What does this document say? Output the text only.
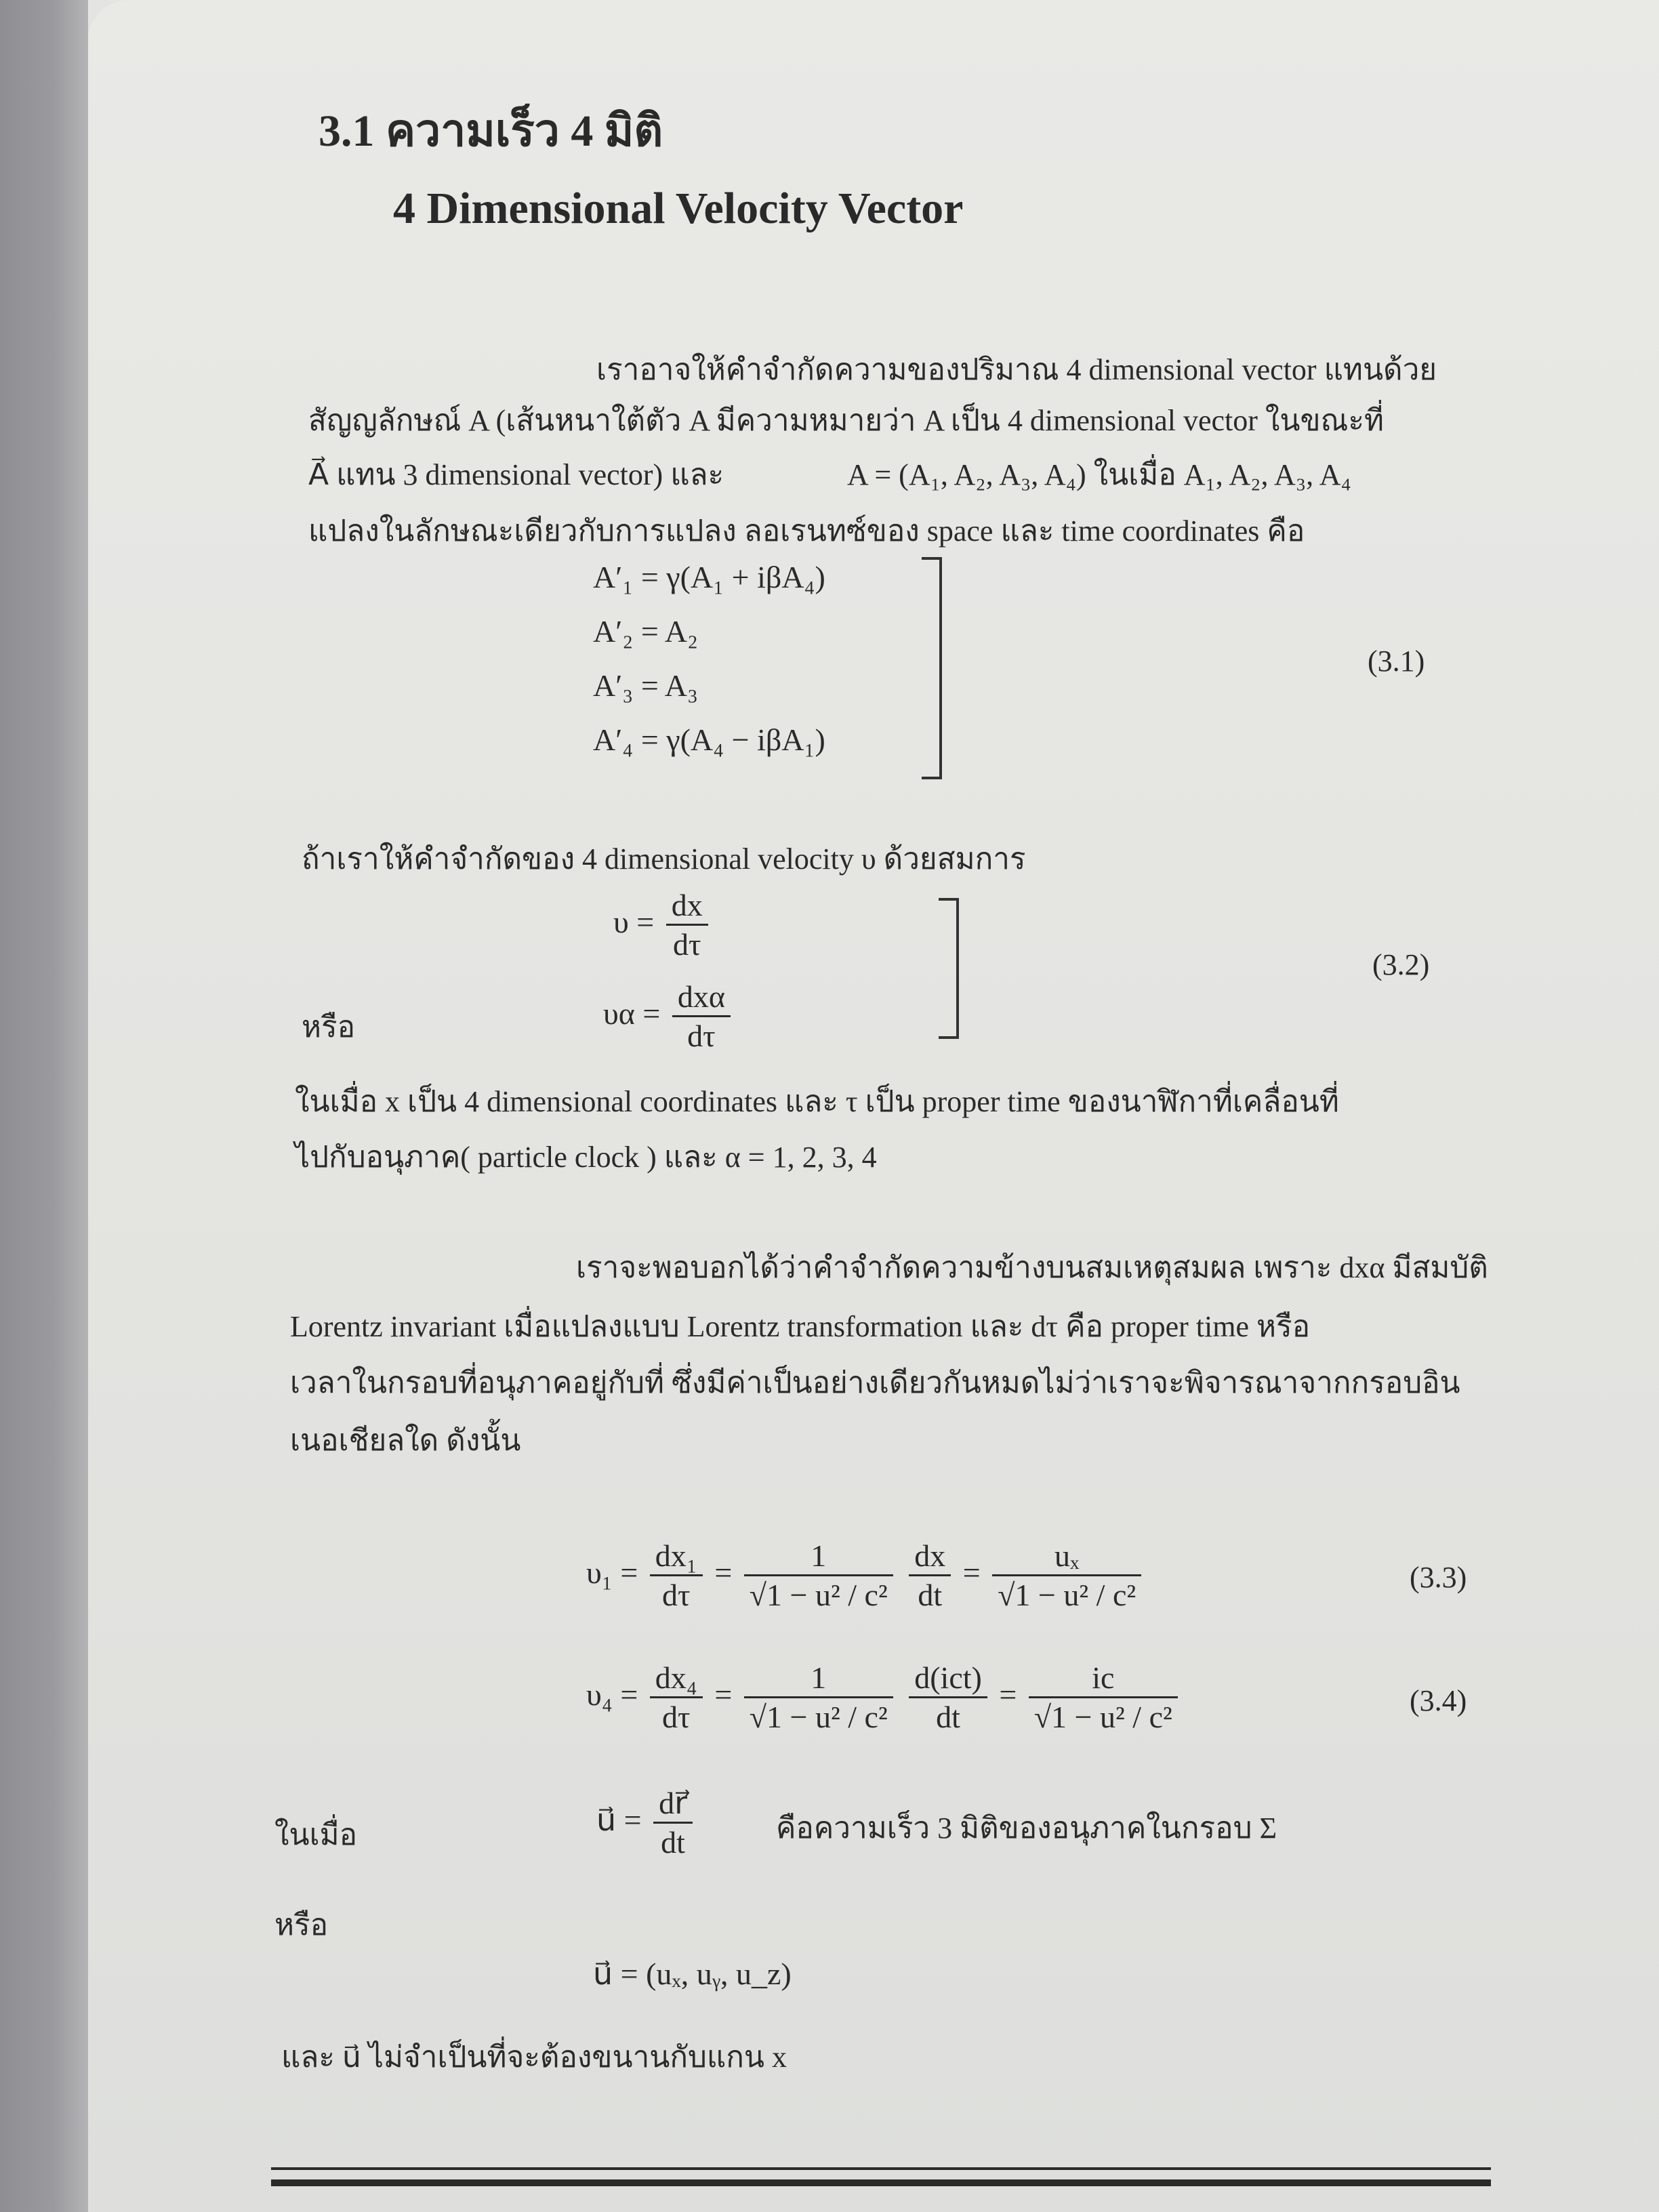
3.1 ความเร็ว 4 มิติ
4 Dimensional Velocity Vector
เราอาจให้คำจำกัดความของปริมาณ 4 dimensional vector แทนด้วย
สัญญลักษณ์ A (เส้นหนาใต้ตัว A มีความหมายว่า A เป็น 4 dimensional vector ในขณะที่
A⃗ แทน 3 dimensional vector) และ	A = (A₁, A₂, A₃, A₄) ในเมื่อ A₁, A₂, A₃, A₄
แปลงในลักษณะเดียวกับการแปลง ลอเรนทซ์ของ space และ time coordinates คือ
A′₁ = γ(A₁ + iβA₄)
A′₂ = A₂
A′₃ = A₃
A′₄ = γ(A₄ − iβA₁)
(3.1)
ถ้าเราให้คำจำกัดของ 4 dimensional velocity υ ด้วยสมการ
$\upsilon = \frac{dx}{d\tau}$
หรือ	$\upsilon\alpha = \frac{\text{dxα}}{d\tau}$
(3.2)
ในเมื่อ x เป็น 4 dimensional coordinates และ τ เป็น proper time ของนาฬิกาที่เคลื่อนที่
ไปกับอนุภาค( particle clock ) และ α = 1, 2, 3, 4
เราจะพอบอกได้ว่าคำจำกัดความข้างบนสมเหตุสมผล เพราะ dxα มีสมบัติ
Lorentz invariant เมื่อแปลงแบบ Lorentz transformation และ dτ คือ proper time หรือ
เวลาในกรอบที่อนุภาคอยู่กับที่ ซึ่งมีค่าเป็นอย่างเดียวกันหมดไม่ว่าเราจะพิจารณาจากกรอบอิน
เนอเชียลใด ดังนั้น
$\upsilon_1 = \frac{\text{dx₁}}{d\tau} = \frac{1}{\text{√1 − u² / c²}}$
$\frac{dx}{dt} = \frac{\text{uₓ}}{\text{√1 − u² / c²}}$	(3.3)
$\upsilon_4 = \frac{\text{dx₄}}{d\tau} = \frac{1}{\text{√1 − u² / c²}}$
$\frac{\text{d(ict)}}{dt} = \frac{ic}{\text{√1 − u² / c²}}$	(3.4)
ในเมื่อ	u⃗ = $\frac{dr⃗}{dt}$	คือความเร็ว 3 มิติของอนุภาคในกรอบ Σ
หรือ
u⃗ = (uₓ, uᵧ, u_z)
และ u⃗ ไม่จำเป็นที่จะต้องขนานกับแกน x
